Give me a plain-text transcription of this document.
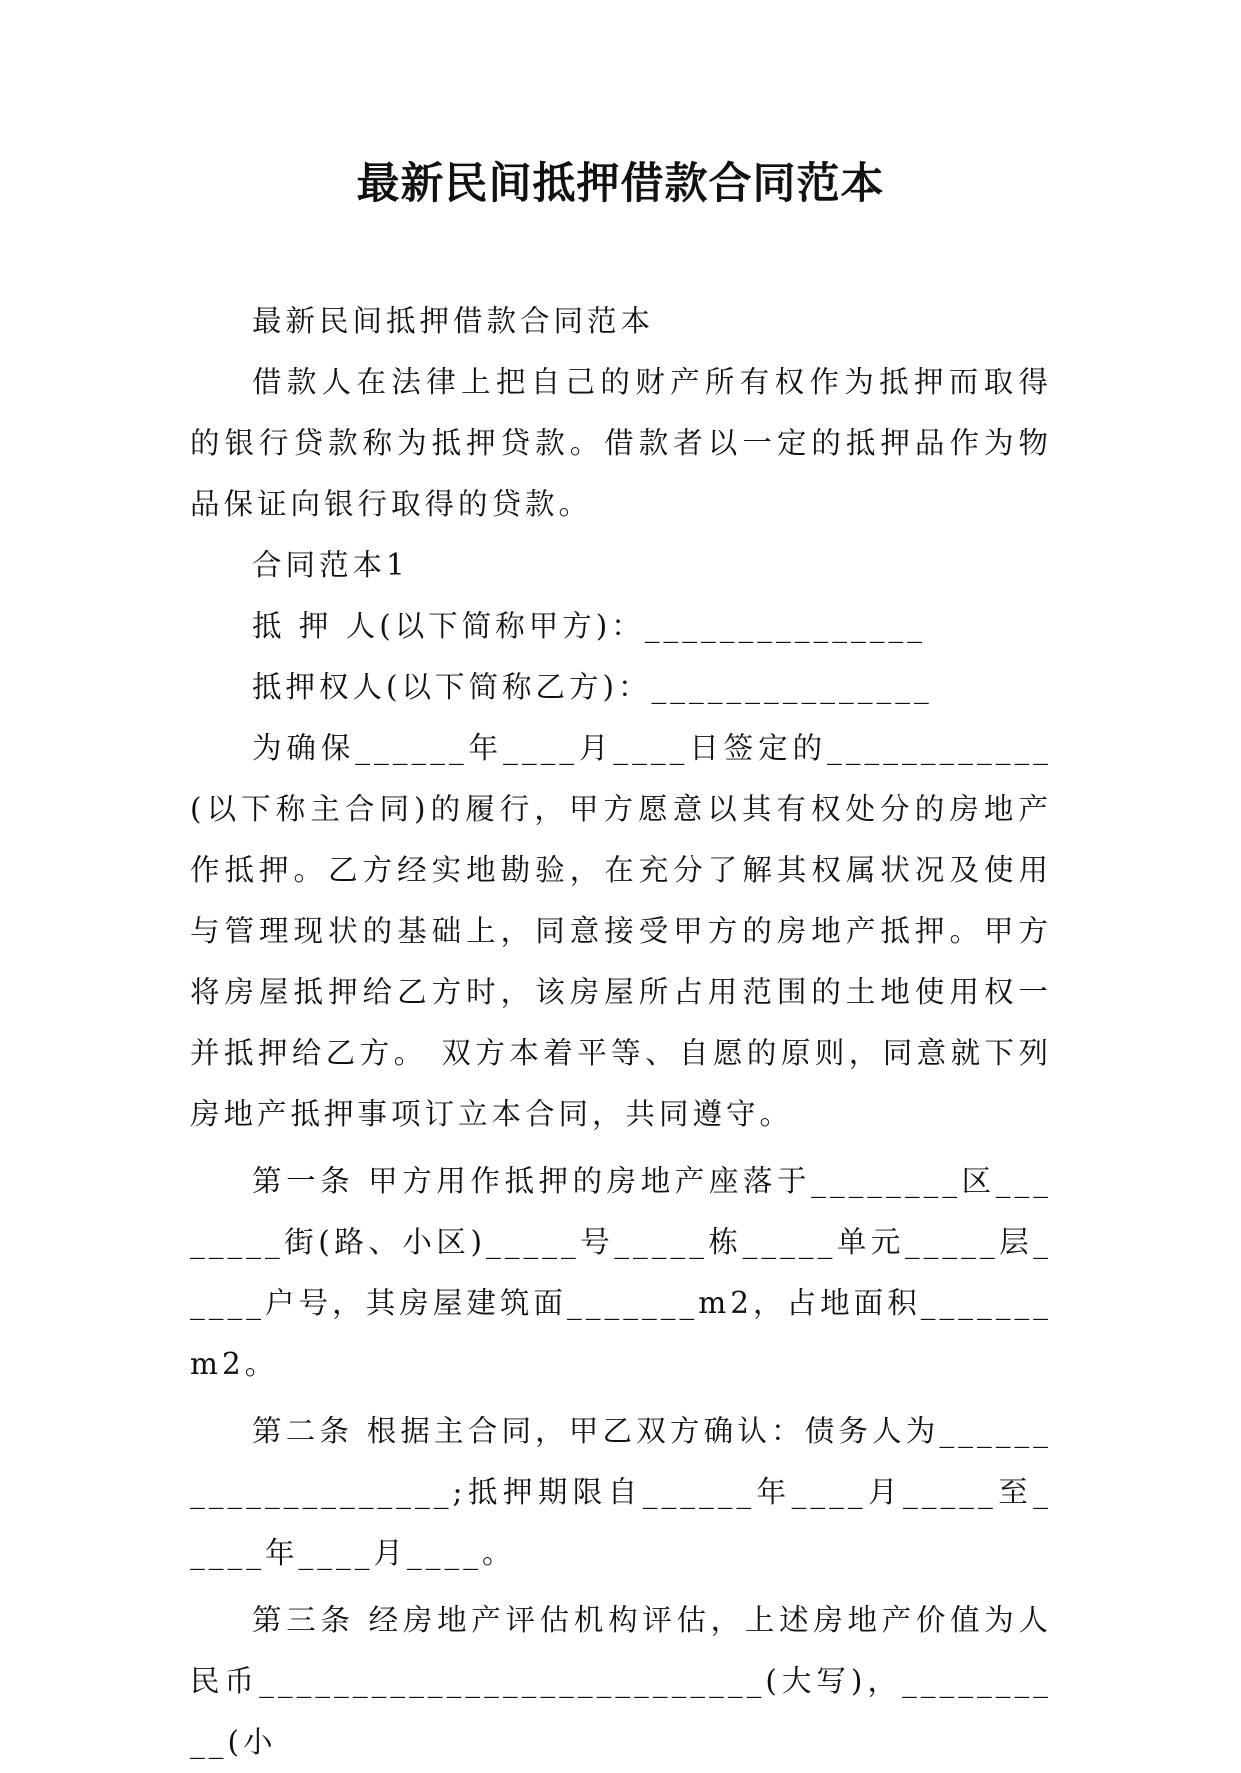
最新民间抵押借款合同范本

最新民间抵押借款合同范本

借款人在法律上把自己的财产所有权作为抵押而取得的银行贷款称为抵押贷款。借款者以一定的抵押品作为物品保证向银行取得的贷款。

合同范本1

抵 押 人(以下简称甲方)：_______________

抵押权人(以下简称乙方)：_______________

为确保______年____月____日签定的____________(以下称主合同)的履行，甲方愿意以其有权处分的房地产作抵押。乙方经实地勘验，在充分了解其权属状况及使用与管理现状的基础上，同意接受甲方的房地产抵押。甲方将房屋抵押给乙方时，该房屋所占用范围的土地使用权一并抵押给乙方。 双方本着平等、自愿的原则，同意就下列房地产抵押事项订立本合同，共同遵守。

第一条 甲方用作抵押的房地产座落于________区________街(路、小区)_____号_____栋_____单元_____层_____户号，其房屋建筑面_______m2，占地面积_______m2。

第二条 根据主合同，甲乙双方确认：债务人为____________________;抵押期限自______年____月_____至_____年____月____。

第三条 经房地产评估机构评估，上述房地产价值为人民币___________________________(大写)，__________(小
